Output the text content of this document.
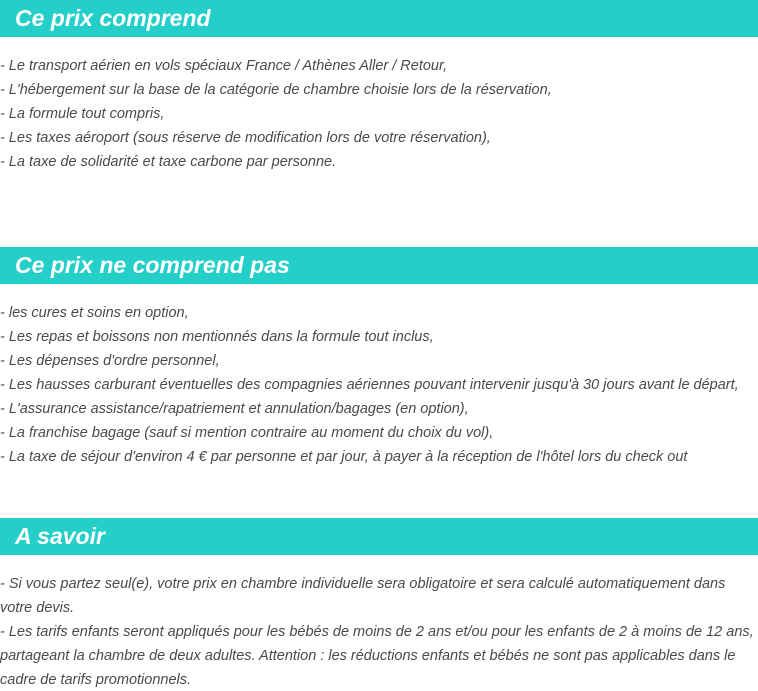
Ce prix comprend
- Le transport aérien en vols spéciaux France / Athènes Aller / Retour,
- L'hébergement sur la base de la catégorie de chambre choisie lors de la réservation,
- La formule tout compris,
- Les taxes aéroport (sous réserve de modification lors de votre réservation),
- La taxe de solidarité et taxe carbone par personne.
Ce prix ne comprend pas
- les cures et soins en option,
- Les repas et boissons non mentionnés dans la formule tout inclus,
- Les dépenses d'ordre personnel,
- Les hausses carburant éventuelles des compagnies aériennes pouvant intervenir jusqu'à 30 jours avant le départ,
- L'assurance assistance/rapatriement et annulation/bagages (en option),
- La franchise bagage (sauf si mention contraire au moment du choix du vol),
- La taxe de séjour d'environ 4 € par personne et par jour, à payer à la réception de l'hôtel lors du check out
A savoir
- Si vous partez seul(e), votre prix en chambre individuelle sera obligatoire et sera calculé automatiquement dans votre devis.
- Les tarifs enfants seront appliqués pour les bébés de moins de 2 ans et/ou pour les enfants de 2 à moins de 12 ans, partageant la chambre de deux adultes. Attention : les réductions enfants et bébés ne sont pas applicables dans le cadre de tarifs promotionnels.
